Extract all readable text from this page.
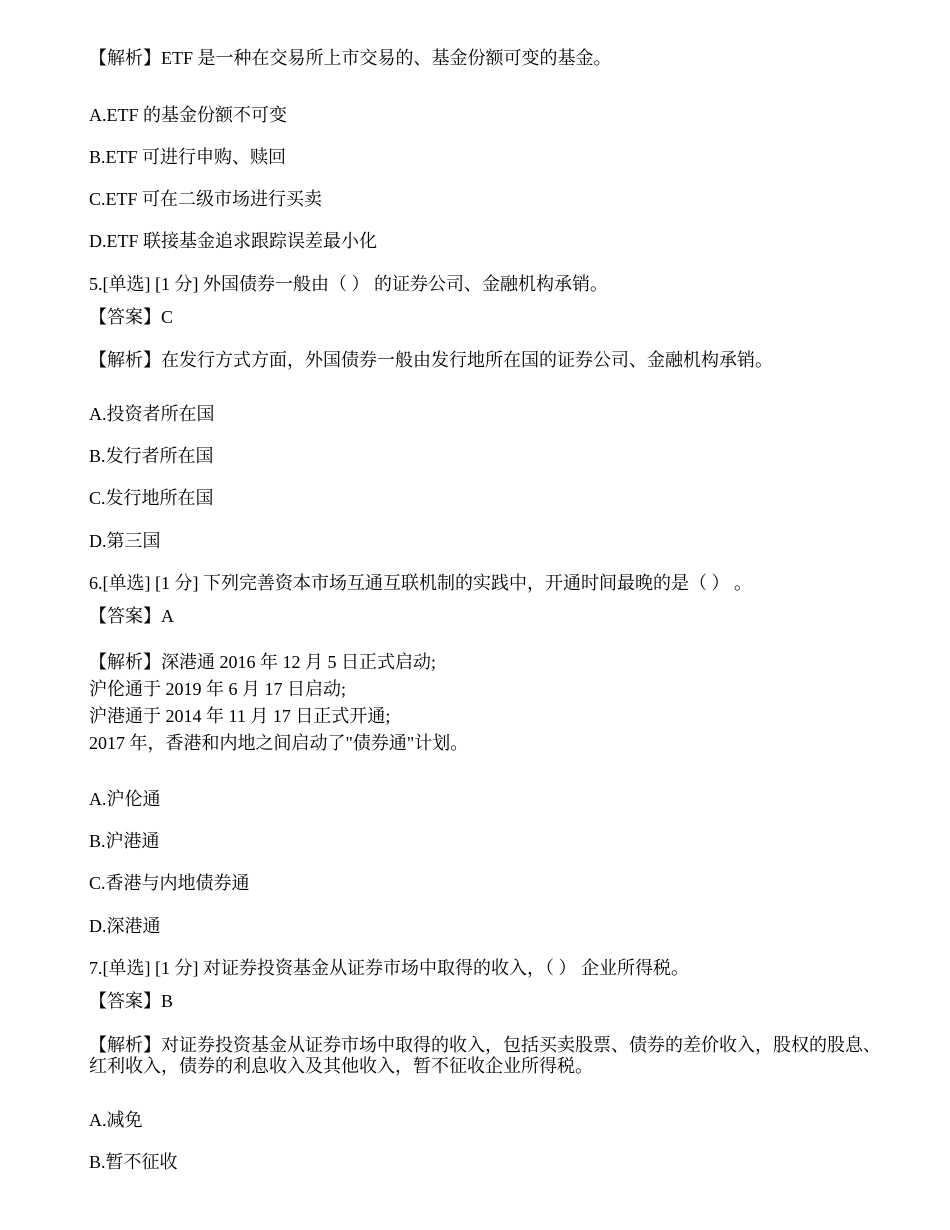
【解析】ETF 是一种在交易所上市交易的、基金份额可变的基金。
A.ETF 的基金份额不可变
B.ETF 可进行申购、赎回
C.ETF 可在二级市场进行买卖
D.ETF 联接基金追求跟踪误差最小化
5.[单选] [1 分] 外国债券一般由（ ） 的证券公司、金融机构承销。
【答案】C
【解析】在发行方式方面，外国债券一般由发行地所在国的证券公司、金融机构承销。
A.投资者所在国
B.发行者所在国
C.发行地所在国
D.第三国
6.[单选] [1 分] 下列完善资本市场互通互联机制的实践中，开通时间最晚的是（ ） 。
【答案】A
【解析】深港通 2016 年 12 月 5 日正式启动;
沪伦通于 2019 年 6 月 17 日启动;
沪港通于 2014 年 11 月 17 日正式开通;
2017 年，香港和内地之间启动了"债券通"计划。
A.沪伦通
B.沪港通
C.香港与内地债券通
D.深港通
7.[单选] [1 分] 对证券投资基金从证券市场中取得的收入，（ ） 企业所得税。
【答案】B
【解析】对证券投资基金从证券市场中取得的收入，包括买卖股票、债券的差价收入，股权的股息、
红利收入，债券的利息收入及其他收入，暂不征收企业所得税。
A.减免
B.暂不征收
